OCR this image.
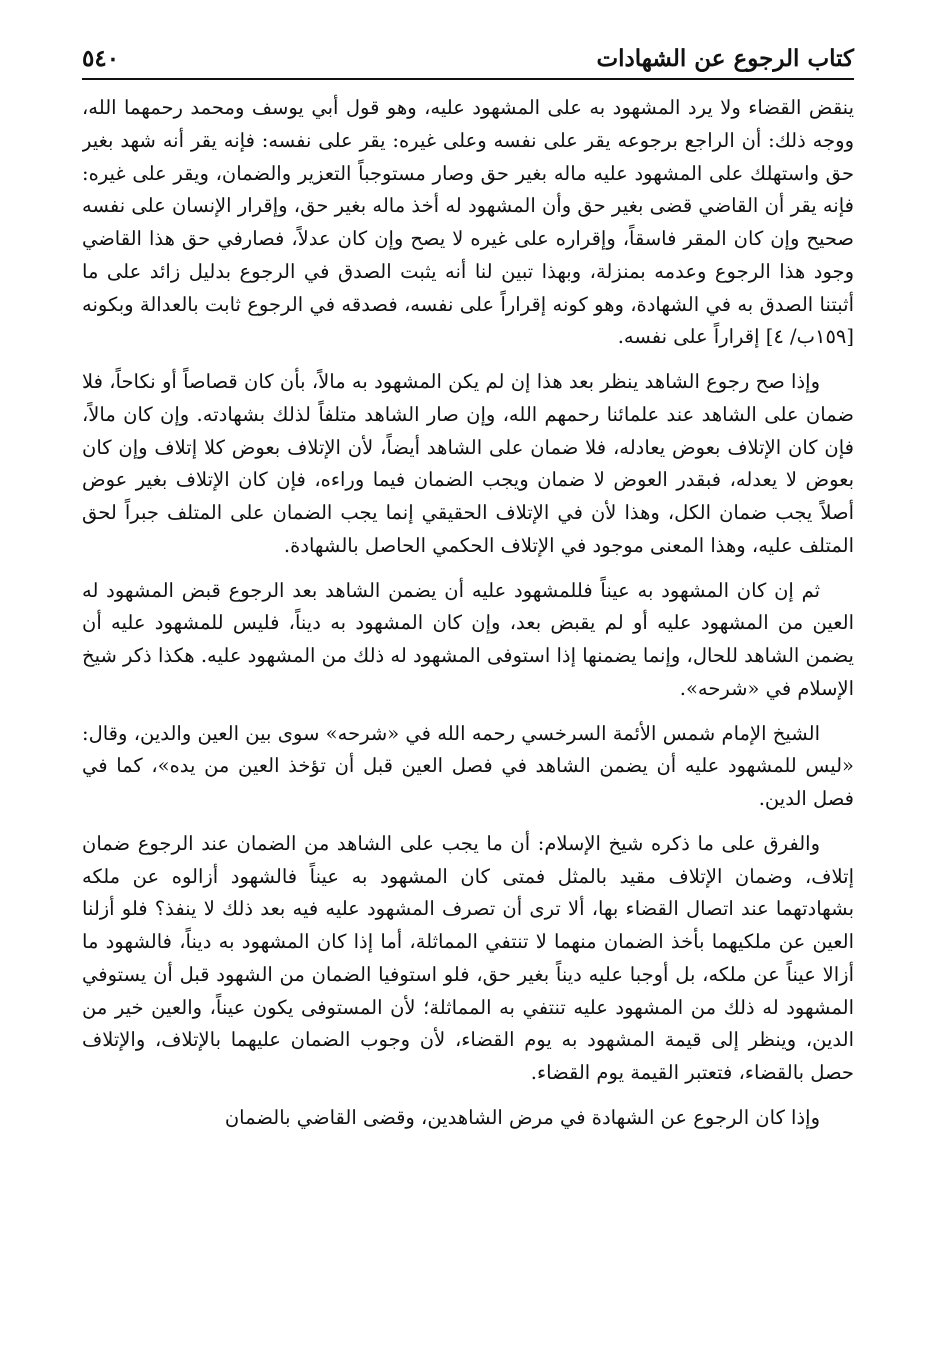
كتاب الرجوع عن الشهادات
٥٤٠

ينقض القضاء ولا يرد المشهود به على المشهود عليه، وهو قول أبي يوسف ومحمد رحمهما الله، ووجه ذلك: أن الراجع برجوعه يقر على نفسه وعلى غيره: يقر على نفسه: فإنه يقر أنه شهد بغير حق واستهلك على المشهود عليه ماله بغير حق وصار مستوجباً التعزير والضمان، ويقر على غيره: فإنه يقر أن القاضي قضى بغير حق وأن المشهود له أخذ ماله بغير حق، وإقرار الإنسان على نفسه صحيح وإن كان المقر فاسقاً، وإقراره على غيره لا يصح وإن كان عدلاً، فصارفي حق هذا القاضي وجود هذا الرجوع وعدمه بمنزلة، وبهذا تبين لنا أنه يثبت الصدق في الرجوع بدليل زائد على ما أثبتنا الصدق به في الشهادة، وهو كونه إقراراً على نفسه، فصدقه في الرجوع ثابت بالعدالة وبكونه [١٥٩ب/ ٤] إقراراً على نفسه.

وإذا صح رجوع الشاهد ينظر بعد هذا إن لم يكن المشهود به مالاً، بأن كان قصاصاً أو نكاحاً، فلا ضمان على الشاهد عند علمائنا رحمهم الله، وإن صار الشاهد متلفاً لذلك بشهادته. وإن كان مالاً، فإن كان الإتلاف بعوض يعادله، فلا ضمان على الشاهد أيضاً، لأن الإتلاف بعوض كلا إتلاف وإن كان بعوض لا يعدله، فبقدر العوض لا ضمان ويجب الضمان فيما وراءه، فإن كان الإتلاف بغير عوض أصلاً يجب ضمان الكل، وهذا لأن في الإتلاف الحقيقي إنما يجب الضمان على المتلف جبراً لحق المتلف عليه، وهذا المعنى موجود في الإتلاف الحكمي الحاصل بالشهادة.

ثم إن كان المشهود به عيناً فللمشهود عليه أن يضمن الشاهد بعد الرجوع قبض المشهود له العين من المشهود عليه أو لم يقبض بعد، وإن كان المشهود به ديناً، فليس للمشهود عليه أن يضمن الشاهد للحال، وإنما يضمنها إذا استوفى المشهود له ذلك من المشهود عليه. هكذا ذكر شيخ الإسلام في «شرحه».

الشيخ الإمام شمس الأئمة السرخسي رحمه الله في «شرحه» سوى بين العين والدين، وقال: «ليس للمشهود عليه أن يضمن الشاهد في فصل العين قبل أن تؤخذ العين من يده»، كما في فصل الدين.

والفرق على ما ذكره شيخ الإسلام: أن ما يجب على الشاهد من الضمان عند الرجوع ضمان إتلاف، وضمان الإتلاف مقيد بالمثل فمتى كان المشهود به عيناً فالشهود أزالوه عن ملكه بشهادتهما عند اتصال القضاء بها، ألا ترى أن تصرف المشهود عليه فيه بعد ذلك لا ينفذ؟ فلو أزلنا العين عن ملكيهما بأخذ الضمان منهما لا تنتفي المماثلة، أما إذا كان المشهود به ديناً، فالشهود ما أزالا عيناً عن ملكه، بل أوجبا عليه ديناً بغير حق، فلو استوفيا الضمان من الشهود قبل أن يستوفي المشهود له ذلك من المشهود عليه تنتفي به المماثلة؛ لأن المستوفى يكون عيناً، والعين خير من الدين، وينظر إلى قيمة المشهود به يوم القضاء، لأن وجوب الضمان عليهما بالإتلاف، والإتلاف حصل بالقضاء، فتعتبر القيمة يوم القضاء.

وإذا كان الرجوع عن الشهادة في مرض الشاهدين، وقضى القاضي بالضمان
